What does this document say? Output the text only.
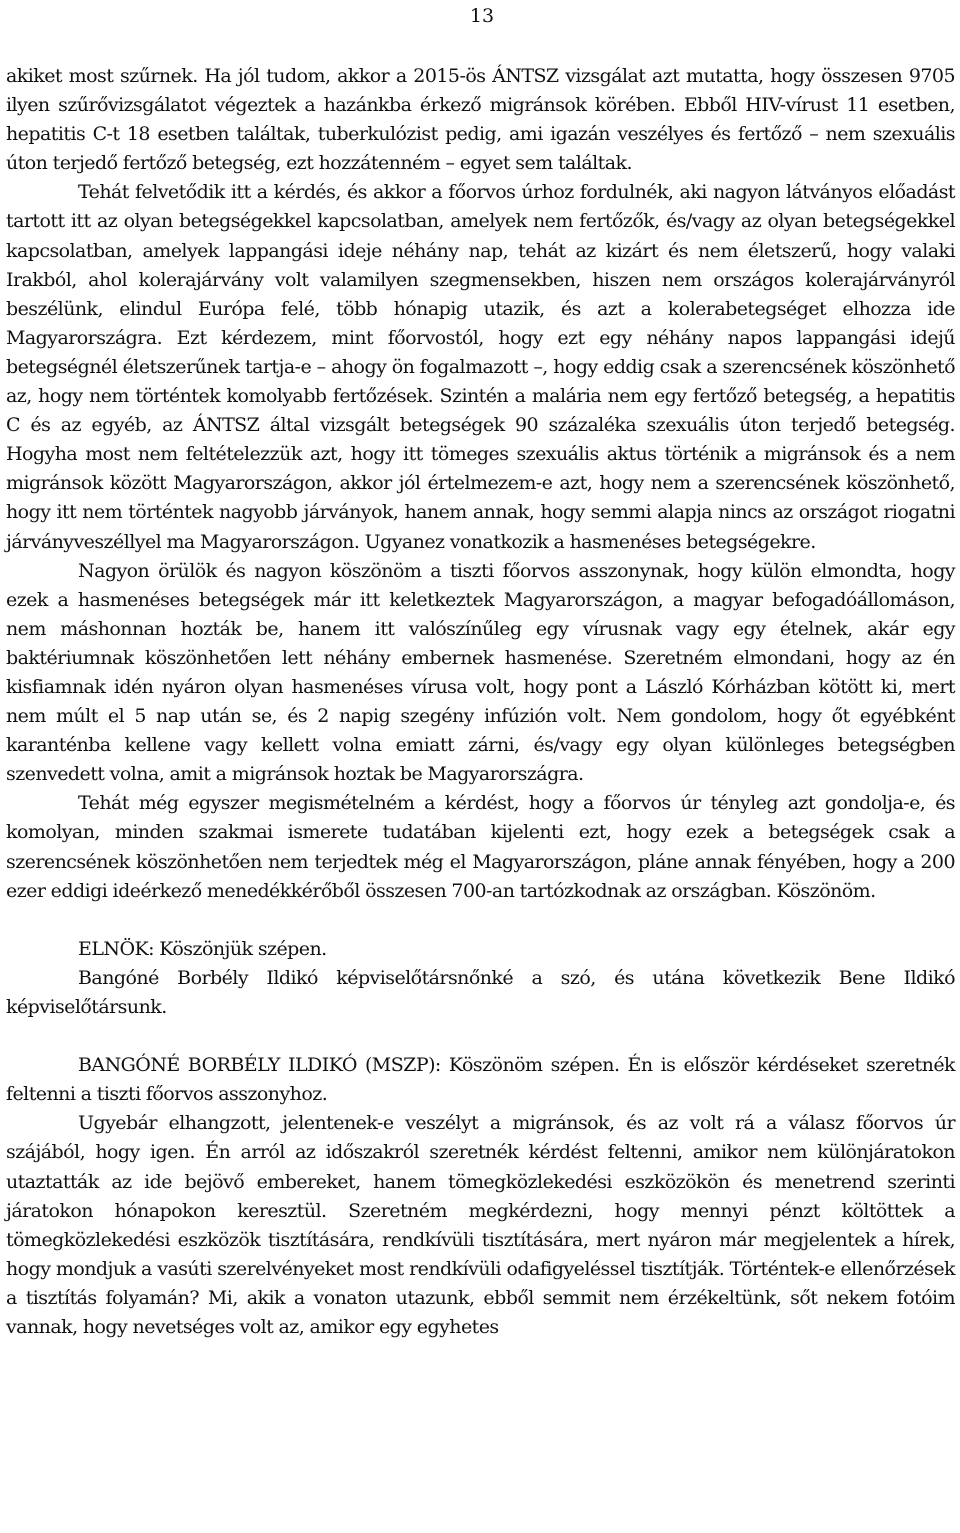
13

akiket most szűrnek. Ha jól tudom, akkor a 2015-ös ÁNTSZ vizsgálat azt mutatta, hogy összesen 9705 ilyen szűrővizsgálatot végeztek a hazánkba érkező migránsok körében. Ebből HIV-vírust 11 esetben, hepatitis C-t 18 esetben találtak, tuberkulózist pedig, ami igazán veszélyes és fertőző – nem szexuális úton terjedő fertőző betegség, ezt hozzátenném – egyet sem találtak.

Tehát felvetődik itt a kérdés, és akkor a főorvos úrhoz fordulnék, aki nagyon látványos előadást tartott itt az olyan betegségekkel kapcsolatban, amelyek nem fertőzők, és/vagy az olyan betegségekkel kapcsolatban, amelyek lappangási ideje néhány nap, tehát az kizárt és nem életszerű, hogy valaki Irakból, ahol kolerajárvány volt valamilyen szegmensekben, hiszen nem országos kolerajárványról beszélünk, elindul Európa felé, több hónapig utazik, és azt a kolerabetegséget elhozza ide Magyarországra. Ezt kérdezem, mint főorvostól, hogy ezt egy néhány napos lappangási idejű betegségnél életszerűnek tartja-e – ahogy ön fogalmazott –, hogy eddig csak a szerencsének köszönhető az, hogy nem történtek komolyabb fertőzések. Szintén a malária nem egy fertőző betegség, a hepatitis C és az egyéb, az ÁNTSZ által vizsgált betegségek 90 százaléka szexuális úton terjedő betegség. Hogyha most nem feltételezzük azt, hogy itt tömeges szexuális aktus történik a migránsok és a nem migránsok között Magyarországon, akkor jól értelmezem-e azt, hogy nem a szerencsének köszönhető, hogy itt nem történtek nagyobb járványok, hanem annak, hogy semmi alapja nincs az országot riogatni járványveszéllyel ma Magyarországon. Ugyanez vonatkozik a hasmenéses betegségekre.

Nagyon örülök és nagyon köszönöm a tiszti főorvos asszonynak, hogy külön elmondta, hogy ezek a hasmenéses betegségek már itt keletkeztek Magyarországon, a magyar befogadóállomáson, nem máshonnan hozták be, hanem itt valószínűleg egy vírusnak vagy egy ételnek, akár egy baktériumnak köszönhetően lett néhány embernek hasmenése. Szeretném elmondani, hogy az én kisfiamnak idén nyáron olyan hasmenéses vírusa volt, hogy pont a László Kórházban kötött ki, mert nem múlt el 5 nap után se, és 2 napig szegény infúzión volt. Nem gondolom, hogy őt egyébként karanténba kellene vagy kellett volna emiatt zárni, és/vagy egy olyan különleges betegségben szenvedett volna, amit a migránsok hoztak be Magyarországra.

Tehát még egyszer megismételném a kérdést, hogy a főorvos úr tényleg azt gondolja-e, és komolyan, minden szakmai ismerete tudatában kijelenti ezt, hogy ezek a betegségek csak a szerencsének köszönhetően nem terjedtek még el Magyarországon, pláne annak fényében, hogy a 200 ezer eddigi ideérkező menedékkérőből összesen 700-an tartózkodnak az országban. Köszönöm.

ELNÖK: Köszönjük szépen.

Bangóné Borbély Ildikó képviselőtársnőnké a szó, és utána következik Bene Ildikó képviselőtársunk.

BANGÓNÉ BORBÉLY ILDIKÓ (MSZP): Köszönöm szépen. Én is először kérdéseket szeretnék feltenni a tiszti főorvos asszonyhoz.

Ugyebár elhangzott, jelentenek-e veszélyt a migránsok, és az volt rá a válasz főorvos úr szájából, hogy igen. Én arról az időszakról szeretnék kérdést feltenni, amikor nem különjáratokon utaztatták az ide bejövő embereket, hanem tömegközlekedési eszközökön és menetrend szerinti járatokon hónapokon keresztül. Szeretném megkérdezni, hogy mennyi pénzt költöttek a tömegközlekedési eszközök tisztítására, rendkívüli tisztítására, mert nyáron már megjelentek a hírek, hogy mondjuk a vasúti szerelvényeket most rendkívüli odafigyeléssel tisztítják. Történtek-e ellenőrzések a tisztítás folyamán? Mi, akik a vonaton utazunk, ebből semmit nem érzékeltünk, sőt nekem fotóim vannak, hogy nevetséges volt az, amikor egy egyhetes
